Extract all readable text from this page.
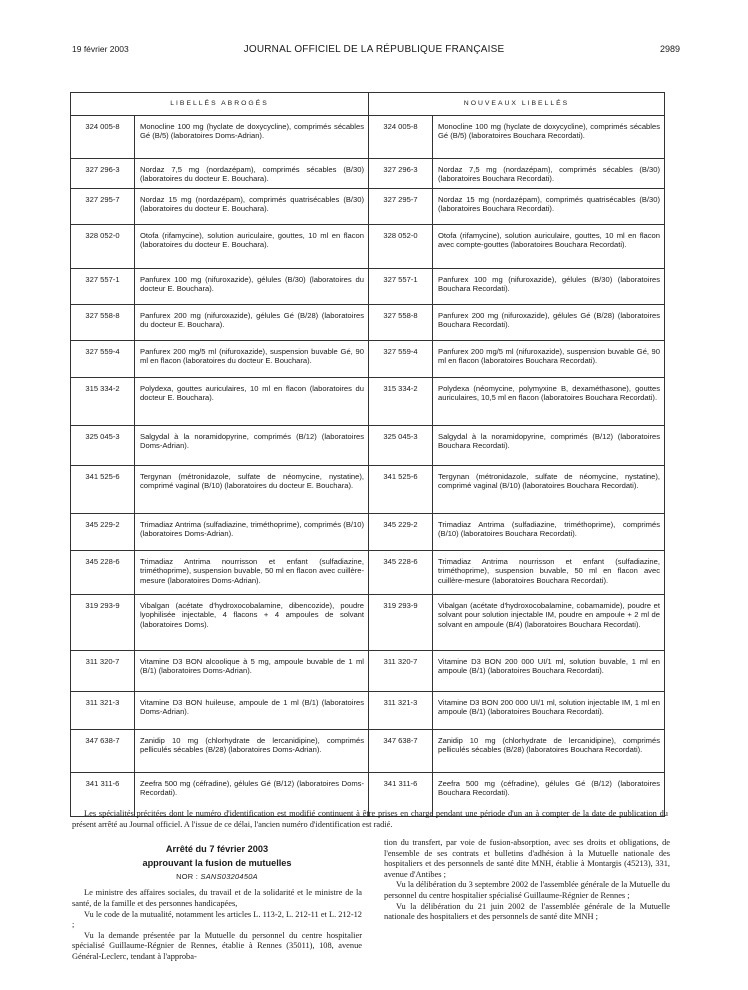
19 février 2003	JOURNAL OFFICIEL DE LA RÉPUBLIQUE FRANÇAISE	2989
LIBELLÉS ABROGÉS		NOUVEAUX LIBELLÉS	
324 005-8	Monocline 100 mg (hyclate de doxycycline), comprimés sécables Gé (B/5) (laboratoires Doms-Adrian).	324 005-8	Monocline 100 mg (hyclate de doxycycline), comprimés sécables Gé (B/5) (laboratoires Bouchara Recordati).
327 296-3	Nordaz 7,5 mg (nordazépam), comprimés sécables (B/30) (laboratoires du docteur E. Bouchara).	327 296-3	Nordaz 7,5 mg (nordazépam), comprimés sécables (B/30) (laboratoires Bouchara Recordati).
327 295-7	Nordaz 15 mg (nordazépam), comprimés quatrisécables (B/30) (laboratoires du docteur E. Bouchara).	327 295-7	Nordaz 15 mg (nordazépam), comprimés quatrisécables (B/30) (laboratoires Bouchara Recordati).
328 052-0	Otofa (rifamycine), solution auriculaire, gouttes, 10 ml en flacon (laboratoires du docteur E. Bouchara).	328 052-0	Otofa (rifamycine), solution auriculaire, gouttes, 10 ml en flacon avec compte-gouttes (laboratoires Bouchara Recordati).
327 557-1	Panfurex 100 mg (nifuroxazide), gélules (B/30) (laboratoires du docteur E. Bouchara).	327 557-1	Panfurex 100 mg (nifuroxazide), gélules (B/30) (laboratoires Bouchara Recordati).
327 558-8	Panfurex 200 mg (nifuroxazide), gélules Gé (B/28) (laboratoires du docteur E. Bouchara).	327 558-8	Panfurex 200 mg (nifuroxazide), gélules Gé (B/28) (laboratoires Bouchara Recordati).
327 559-4	Panfurex 200 mg/5 ml (nifuroxazide), suspension buvable Gé, 90 ml en flacon (laboratoires du docteur E. Bouchara).	327 559-4	Panfurex 200 mg/5 ml (nifuroxazide), suspension buvable Gé, 90 ml en flacon (laboratoires Bouchara Recordati).
315 334-2	Polydexa, gouttes auriculaires, 10 ml en flacon (laboratoires du docteur E. Bouchara).	315 334-2	Polydexa (néomycine, polymyxine B, dexaméthasone), gouttes auriculaires, 10,5 ml en flacon (laboratoires Bouchara Recordati).
325 045-3	Salgydal à la noramidopyrine, comprimés (B/12) (laboratoires Doms-Adrian).	325 045-3	Salgydal à la noramidopyrine, comprimés (B/12) (laboratoires Bouchara Recordati).
341 525-6	Tergynan (métronidazole, sulfate de néomycine, nystatine), comprimé vaginal (B/10) (laboratoires du docteur E. Bouchara).	341 525-6	Tergynan (métronidazole, sulfate de néomycine, nystatine), comprimé vaginal (B/10) (laboratoires Bouchara Recordati).
345 229-2	Trimadiaz Antrima (sulfadiazine, triméthoprime), comprimés (B/10) (laboratoires Doms-Adrian).	345 229-2	Trimadiaz Antrima (sulfadiazine, triméthoprime), comprimés (B/10) (laboratoires Bouchara Recordati).
345 228-6	Trimadiaz Antrima nourrisson et enfant (sulfadiazine, triméthoprime), suspension buvable, 50 ml en flacon avec cuillère-mesure (laboratoires Doms-Adrian).	345 228-6	Trimadiaz Antrima nourrisson et enfant (sulfadiazine, triméthoprime), suspension buvable, 50 ml en flacon avec cuillère-mesure (laboratoires Bouchara Recordati).
319 293-9	Vibalgan (acétate d'hydroxocobalamine, dibencozide), poudre lyophilisée injectable, 4 flacons + 4 ampoules de solvant (laboratoires Doms).	319 293-9	Vibalgan (acétate d'hydroxocobalamine, cobamamide), poudre et solvant pour solution injectable IM, poudre en ampoule + 2 ml de solvant en ampoule (B/4) (laboratoires Bouchara Recordati).
311 320-7	Vitamine D3 BON alcoolique à 5 mg, ampoule buvable de 1 ml (B/1) (laboratoires Doms-Adrian).	311 320-7	Vitamine D3 BON 200 000 UI/1 ml, solution buvable, 1 ml en ampoule (B/1) (laboratoires Bouchara Recordati).
311 321-3	Vitamine D3 BON huileuse, ampoule de 1 ml (B/1) (laboratoires Doms-Adrian).	311 321-3	Vitamine D3 BON 200 000 UI/1 ml, solution injectable IM, 1 ml en ampoule (B/1) (laboratoires Bouchara Recordati).
347 638-7	Zanidip 10 mg (chlorhydrate de lercanidipine), comprimés pelliculés sécables (B/28) (laboratoires Doms-Adrian).	347 638-7	Zanidip 10 mg (chlorhydrate de lercanidipine), comprimés pelliculés sécables (B/28) (laboratoires Bouchara Recordati).
341 311-6	Zeefra 500 mg (céfradine), gélules Gé (B/12) (laboratoires Doms-Recordati).	341 311-6	Zeefra 500 mg (céfradine), gélules Gé (B/12) (laboratoires Bouchara Recordati).

Les spécialités précitées dont le numéro d'identification est modifié continuent à être prises en charge pendant une période d'un an à compter de la date de publication du présent arrêté au Journal officiel. A l'issue de ce délai, l'ancien numéro d'identification est radié.

Arrêté du 7 février 2003
approuvant la fusion de mutuelles
NOR : SANS0320450A

Le ministre des affaires sociales, du travail et de la solidarité et le ministre de la santé, de la famille et des personnes handicapées,

Vu le code de la mutualité, notamment les articles L. 113-2, L. 212-11 et L. 212-12 ;

Vu la demande présentée par la Mutuelle du personnel du centre hospitalier spécialisé Guillaume-Régnier de Rennes, établie à Rennes (35011), 108, avenue Général-Leclerc, tendant à l'approba-

tion du transfert, par voie de fusion-absorption, avec ses droits et obligations, de l'ensemble de ses contrats et bulletins d'adhésion à la Mutuelle nationale des hospitaliers et des personnels de santé dite MNH, établie à Montargis (45213), 331, avenue d'Antibes ;

Vu la délibération du 3 septembre 2002 de l'assemblée générale de la Mutuelle du personnel du centre hospitalier spécialisé Guillaume-Régnier de Rennes ;

Vu la délibération du 21 juin 2002 de l'assemblée générale de la Mutuelle nationale des hospitaliers et des personnels de santé dite MNH ;
